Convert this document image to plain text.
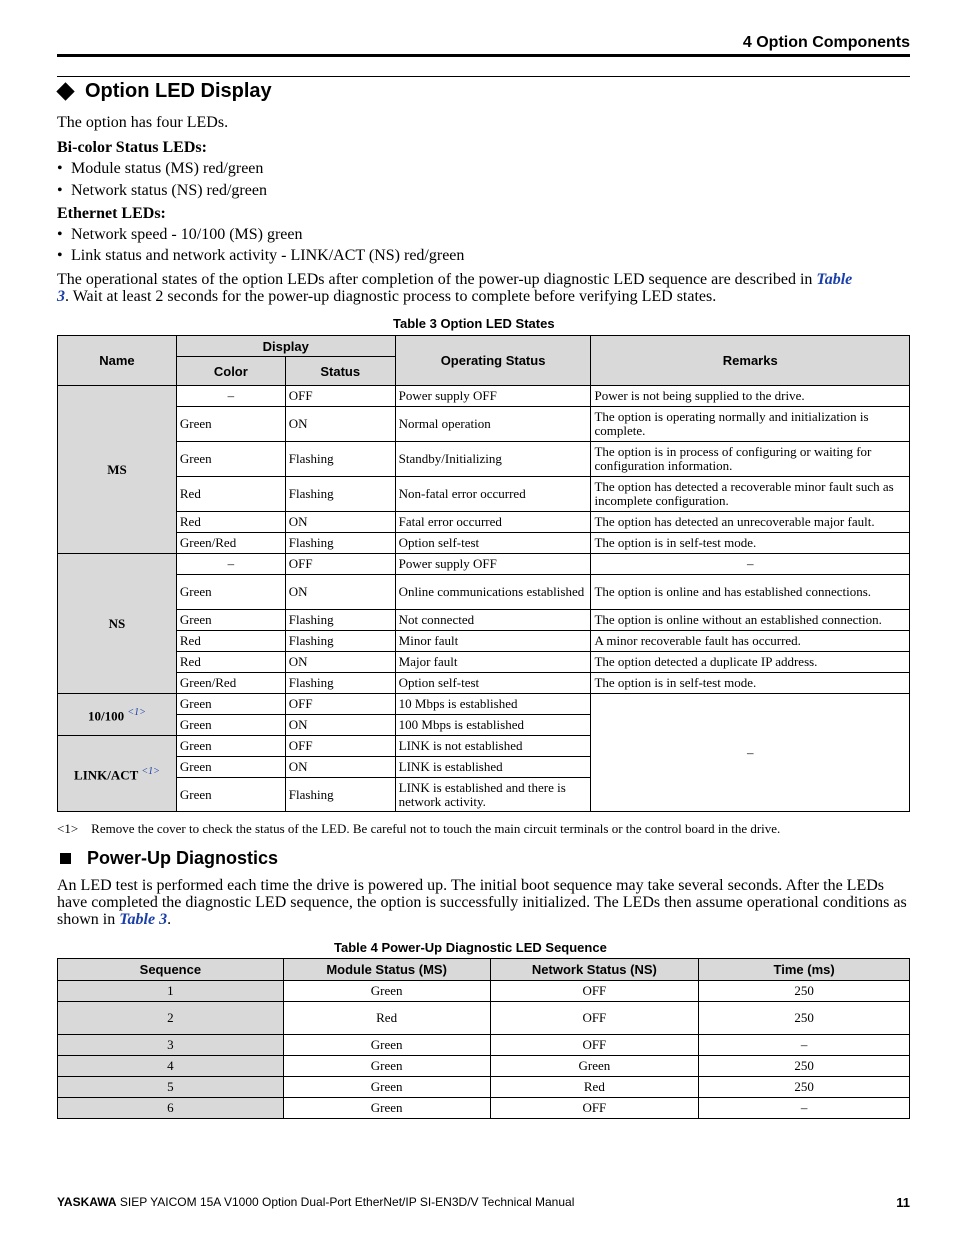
4 Option Components
Option LED Display
The option has four LEDs.
Bi-color Status LEDs:
• Module status (MS) red/green
• Network status (NS) red/green
Ethernet LEDs:
• Network speed - 10/100 (MS) green
• Link status and network activity - LINK/ACT (NS) red/green
The operational states of the option LEDs after completion of the power-up diagnostic LED sequence are described in Table
3. Wait at least 2 seconds for the power-up diagnostic process to complete before verifying LED states.
Table 3 Option LED States
Name	Display		Operating Status	Remarks
	Color	Status		
MS	–	OFF	Power supply OFF	Power is not being supplied to the drive.
	Green	ON	Normal operation	The option is operating normally and initialization is complete.
	Green	Flashing	Standby/Initializing	The option is in process of configuring or waiting for configuration information.
	Red	Flashing	Non-fatal error occurred	The option has detected a recoverable minor fault such as incomplete configuration.
	Red	ON	Fatal error occurred	The option has detected an unrecoverable major fault.
	Green/Red	Flashing	Option self-test	The option is in self-test mode.
NS	–	OFF	Power supply OFF	–
	Green	ON	Online communications established	The option is online and has established connections.
	Green	Flashing	Not connected	The option is online without an established connection.
	Red	Flashing	Minor fault	A minor recoverable fault has occurred.
	Red	ON	Major fault	The option detected a duplicate IP address.
	Green/Red	Flashing	Option self-test	The option is in self-test mode.
10/100 $^{<1>}$	Green	OFF	10 Mbps is established	–
	Green	ON	100 Mbps is established	
LINK/ACT $^{<1>}$	Green	OFF	LINK is not established	
	Green	ON	LINK is established	
	Green	Flashing	LINK is established and there is network activity.	
<1>    Remove the cover to check the status of the LED. Be careful not to touch the main circuit terminals or the control board in the drive.
Power-Up Diagnostics
An LED test is performed each time the drive is powered up. The initial boot sequence may take several seconds. After the LEDs have completed the diagnostic LED sequence, the option is successfully initialized. The LEDs then assume operational conditions as shown in Table 3.
Table 4 Power-Up Diagnostic LED Sequence
Sequence	Module Status (MS)	Network Status (NS)	Time (ms)
1	Green	OFF	250
2	Red	OFF	250
3	Green	OFF	–
4	Green	Green	250
5	Green	Red	250
6	Green	OFF	–
YASKAWA SIEP YAICOM 15A V1000 Option Dual-Port EtherNet/IP SI-EN3D/V Technical Manual	11
